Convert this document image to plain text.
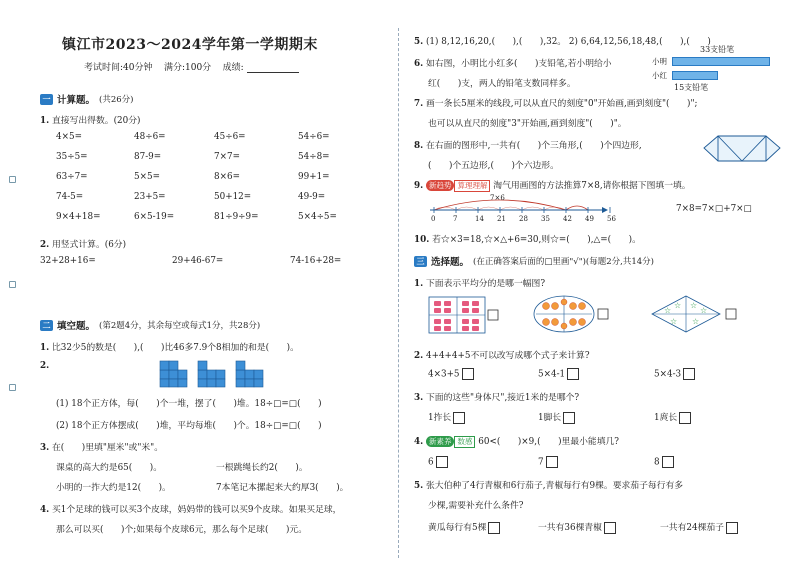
镇江市2023～2024学年第一学期期末
考试时间:40分钟 满分:100分 成绩:
一 计算题。 (共26分)
1. 直接写出得数。(20分)
4×5=	48÷6=	45÷6=	54÷6=
35÷5=	87-9=	7×7=	54÷8=
63÷7=	5×5=	8×6=	99+1=
74-5=	23+5=	50+12=	49-9=
9×4+18=	6×5-19=	81÷9÷9=	5×4÷5=
2. 用竖式计算。(6分)
32+28+16=	29+46-67=	74-16+28=
二 填空题。 (第2题4分，其余每空或每式1分，共28分)
1. 比32少5的数是(　　),(　　)比46多7.9个8相加的和是(　　)。
2.
(1) 18个正方体，每(　　)个一堆，摆了(　　)堆。18÷□=□(　　)
(2) 18个正方体摆成(　　)堆，平均每堆(　　)个。18÷□=□(　　)
3. 在(　　)里填"厘米"或"米"。
课桌的高大约是65(　　)。	一根跳绳长约2(　　)。
小明的一拃大约是12(　　)。	7本笔记本摞起来大约厚3(　　)。
4. 买1个足球的钱可以买3个皮球，妈妈带的钱可以买9个皮球。如果买足球，
那么可以买(　　)个;如果每个皮球6元，那么每个足球(　　)元。
5. (1) 8,12,16,20,(　　),(　　),32。 2) 6,64,12,56,18,48,(　　),(　　)
6. 如右图，小明比小红多(　　)支铅笔,若小明给小
红(　　)支，两人的铅笔支数同样多。
33支铅笔
小明
小红
15支铅笔
7. 画一条长5厘米的线段,可以从直尺的刻度"0"开始画,画到刻度"(　　)";
也可以从直尺的刻度"3"开始画,画到刻度"(　　)"。
8. 在右面的图形中,一共有(　　)个三角形,(　　)个四边形,
(　　)个五边形,(　　)个六边形。
9. 新趋势 算理理解 淘气用画图的方法推算7×8,请你根据下图填一填。
7×6
0	7	14 21 28 35 42 49 56
7×8=7×□+7×□
10. 若☆×3=18,☆×△+6=30,则☆=(　　),△=(　　)。
三 选择题。 (在正确答案后面的□里画"√")(每题2分,共14分)
1. 下面表示平均分的是哪一幅图?
☆ ☆
☆	☆
☆ ☆
2. 4+4+4+5不可以改写成哪个式子来计算?
4×3+5	5×4-1	5×4-3
3. 下面的这些"身体尺",接近1米的是哪个?
1拃长	1脚长	1庹长
4. 新素养 数感 60<(　　)×9,(　　)里最小能填几?
6	7	8
5. 张大伯种了4行青椒和6行茄子,青椒每行有9棵。要求茄子每行有多
少棵,需要补充什么条件?
黄瓜每行有5棵	一共有36棵青椒	一共有24棵茄子
